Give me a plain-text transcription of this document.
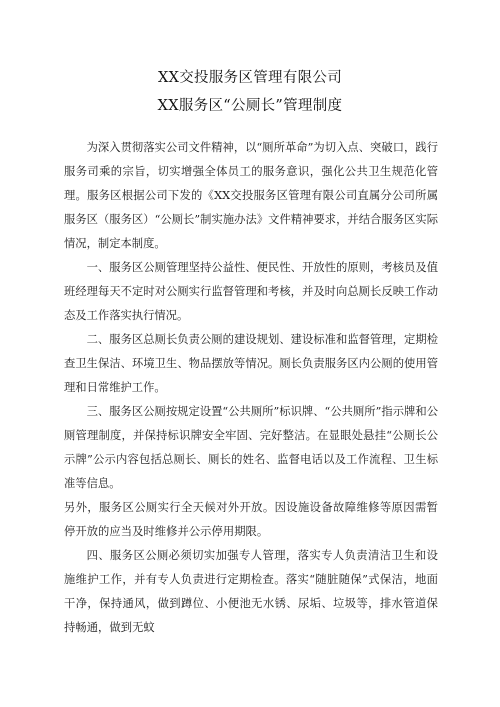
XX交投服务区管理有限公司
XX服务区“公厕长”管理制度

为深入贯彻落实公司文件精神，以“厕所革命”为切入点、突破口，践行服务司乘的宗旨，切实增强全体员工的服务意识，强化公共卫生规范化管理。服务区根据公司下发的《XX交投服务区管理有限公司直属分公司所属服务区（服务区）“公厕长”制实施办法》文件精神要求，并结合服务区实际情况，制定本制度。

一、服务区公厕管理坚持公益性、便民性、开放性的原则，考核员及值班经理每天不定时对公厕实行监督管理和考核，并及时向总厕长反映工作动态及工作落实执行情况。

二、服务区总厕长负责公厕的建设规划、建设标准和监督管理，定期检查卫生保洁、环境卫生、物品摆放等情况。厕长负责服务区内公厕的使用管理和日常维护工作。

三、服务区公厕按规定设置“公共厕所”标识牌、“公共厕所”指示牌和公厕管理制度，并保持标识牌安全牢固、完好整洁。在显眼处悬挂“公厕长公示牌”公示内容包括总厕长、厕长的姓名、监督电话以及工作流程、卫生标准等信息。

另外，服务区公厕实行全天候对外开放。因设施设备故障维修等原因需暂停开放的应当及时维修并公示停用期限。

四、服务区公厕必须切实加强专人管理，落实专人负责清洁卫生和设施维护工作，并有专人负责进行定期检查。落实“随脏随保”式保洁，地面干净，保持通风，做到蹲位、小便池无水锈、尿垢、垃圾等，排水管道保持畅通，做到无蚊
